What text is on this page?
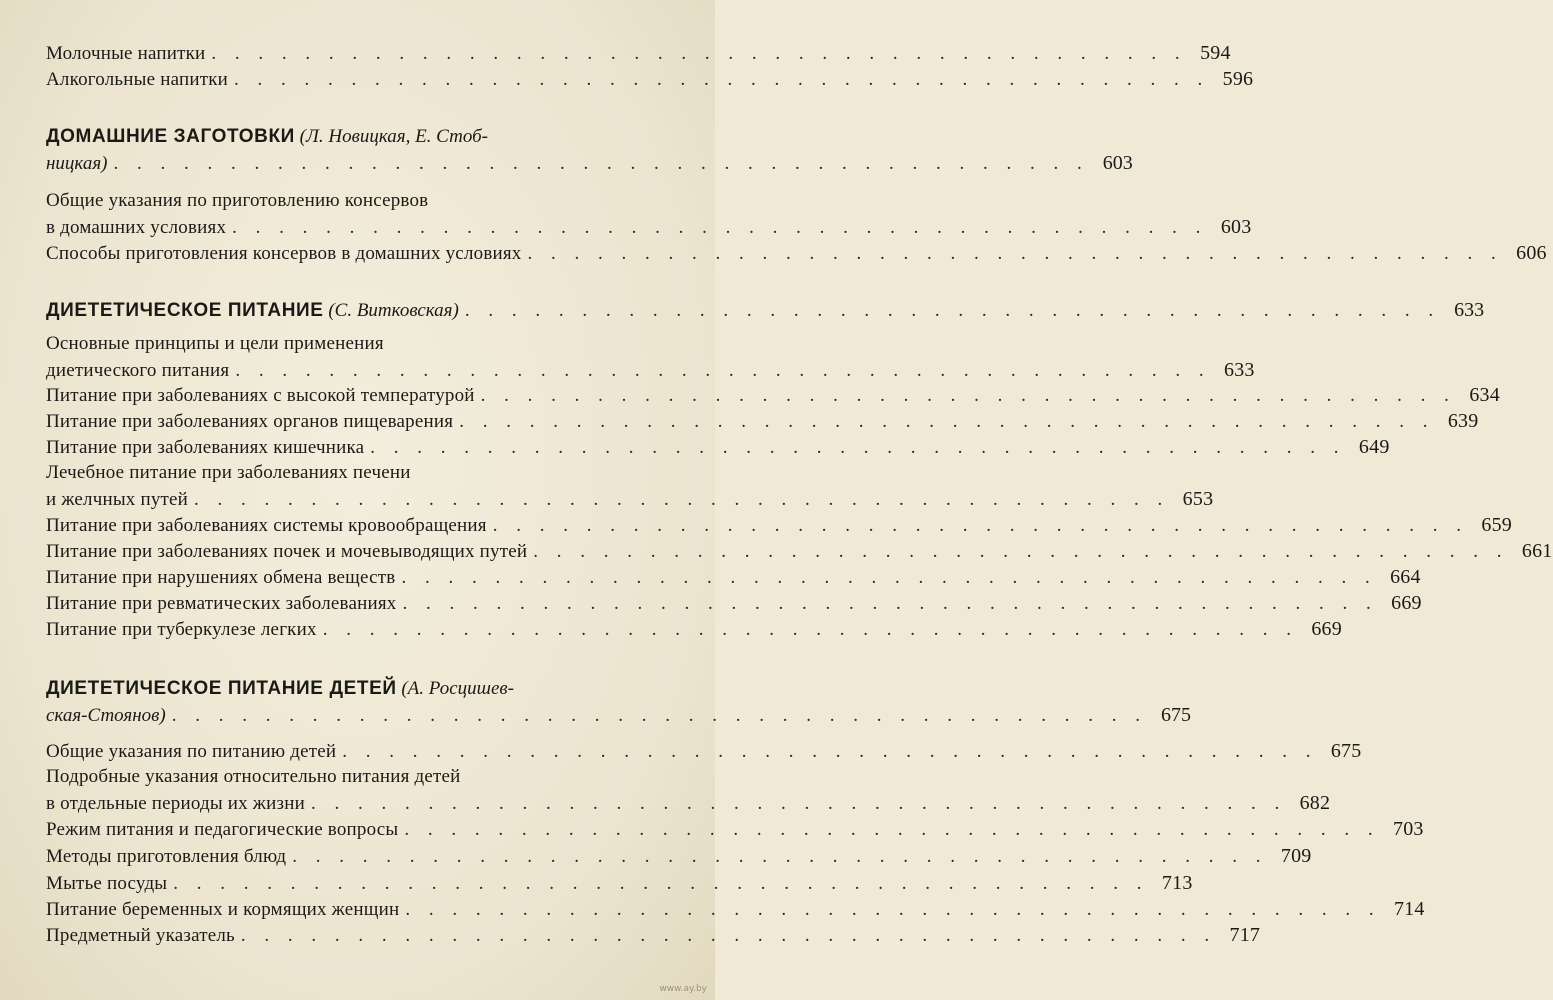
Молочные напитки . . . . . . . . . . . . . . . . . . . . . . . . . . . . . . . . . . . . . . . . . . 594
Алкогольные напитки . . . . . . . . . . . . . . . . . . . . . . . . . . . . . . . . . . . . . . . . . . 596
ДОМАШНИЕ ЗАГОТОВКИ (Л. Новицкая, Е. Стоб-
ницкая) . . . . . . . . . . . . . . . . . . . . . . . . . . . . . . . . . . . . . . . . . . 603
Общие указания по приготовлению консервов
в домашних условиях . . . . . . . . . . . . . . . . . . . . . . . . . . . . . . . . . . . . . . . . . . 603
Способы приготовления консервов в домашних условиях . . . . . . . . . . . . . . . . . . . . . . . . . . . . . . . . . . . . . . . . . . 606
ДИЕТЕТИЧЕСКОЕ ПИТАНИЕ (С. Витковская) . . . . . . . . . . . . . . . . . . . . . . . . . . . . . . . . . . . . . . . . . . 633
Основные принципы и цели применения
диетического питания . . . . . . . . . . . . . . . . . . . . . . . . . . . . . . . . . . . . . . . . . . 633
Питание при заболеваниях с высокой температурой . . . . . . . . . . . . . . . . . . . . . . . . . . . . . . . . . . . . . . . . . . 634
Питание при заболеваниях органов пищеварения . . . . . . . . . . . . . . . . . . . . . . . . . . . . . . . . . . . . . . . . . . 639
Питание при заболеваниях кишечника . . . . . . . . . . . . . . . . . . . . . . . . . . . . . . . . . . . . . . . . . . 649
Лечебное питание при заболеваниях печени
и желчных путей . . . . . . . . . . . . . . . . . . . . . . . . . . . . . . . . . . . . . . . . . . 653
Питание при заболеваниях системы кровообращения . . . . . . . . . . . . . . . . . . . . . . . . . . . . . . . . . . . . . . . . . . 659
Питание при заболеваниях почек и мочевыводящих путей . . . . . . . . . . . . . . . . . . . . . . . . . . . . . . . . . . . . . . . . . . 661
Питание при нарушениях обмена веществ . . . . . . . . . . . . . . . . . . . . . . . . . . . . . . . . . . . . . . . . . . 664
Питание при ревматических заболеваниях . . . . . . . . . . . . . . . . . . . . . . . . . . . . . . . . . . . . . . . . . . 669
Питание при туберкулезе легких . . . . . . . . . . . . . . . . . . . . . . . . . . . . . . . . . . . . . . . . . . 669
ДИЕТЕТИЧЕСКОЕ ПИТАНИЕ ДЕТЕЙ (А. Росцишев-
ская-Стоянов) . . . . . . . . . . . . . . . . . . . . . . . . . . . . . . . . . . . . . . . . . . 675
Общие указания по питанию детей . . . . . . . . . . . . . . . . . . . . . . . . . . . . . . . . . . . . . . . . . . 675
Подробные указания относительно питания детей
в отдельные периоды их жизни . . . . . . . . . . . . . . . . . . . . . . . . . . . . . . . . . . . . . . . . . . 682
Режим питания и педагогические вопросы . . . . . . . . . . . . . . . . . . . . . . . . . . . . . . . . . . . . . . . . . . 703
Методы приготовления блюд . . . . . . . . . . . . . . . . . . . . . . . . . . . . . . . . . . . . . . . . . . 709
Мытье посуды . . . . . . . . . . . . . . . . . . . . . . . . . . . . . . . . . . . . . . . . . . 713
Питание беременных и кормящих женщин . . . . . . . . . . . . . . . . . . . . . . . . . . . . . . . . . . . . . . . . . . 714
Предметный указатель . . . . . . . . . . . . . . . . . . . . . . . . . . . . . . . . . . . . . . . . . . 717
www.ay.by
